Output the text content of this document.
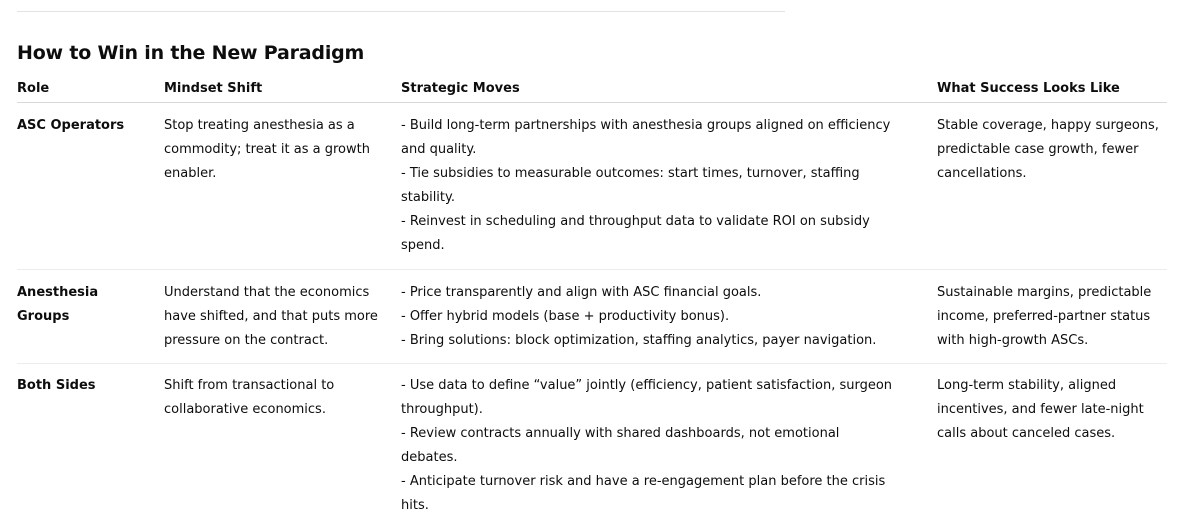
How to Win in the New Paradigm
Role	Mindset Shift	Strategic Moves	What Success Looks Like
ASC Operators	Stop treating anesthesia as a commodity; treat it as a growth enabler.	- Build long-term partnerships with anesthesia groups aligned on efficiency and quality.
- Tie subsidies to measurable outcomes: start times, turnover, staffing stability.
- Reinvest in scheduling and throughput data to validate ROI on subsidy spend.	Stable coverage, happy surgeons, predictable case growth, fewer cancellations.
Anesthesia Groups	Understand that the economics have shifted, and that puts more pressure on the contract.	- Price transparently and align with ASC financial goals.
- Offer hybrid models (base + productivity bonus).
- Bring solutions: block optimization, staffing analytics, payer navigation.	Sustainable margins, predictable income, preferred-partner status with high-growth ASCs.
Both Sides	Shift from transactional to collaborative economics.	- Use data to define “value” jointly (efficiency, patient satisfaction, surgeon throughput).
- Review contracts annually with shared dashboards, not emotional debates.
- Anticipate turnover risk and have a re-engagement plan before the crisis hits.	Long-term stability, aligned incentives, and fewer late-night calls about canceled cases.
